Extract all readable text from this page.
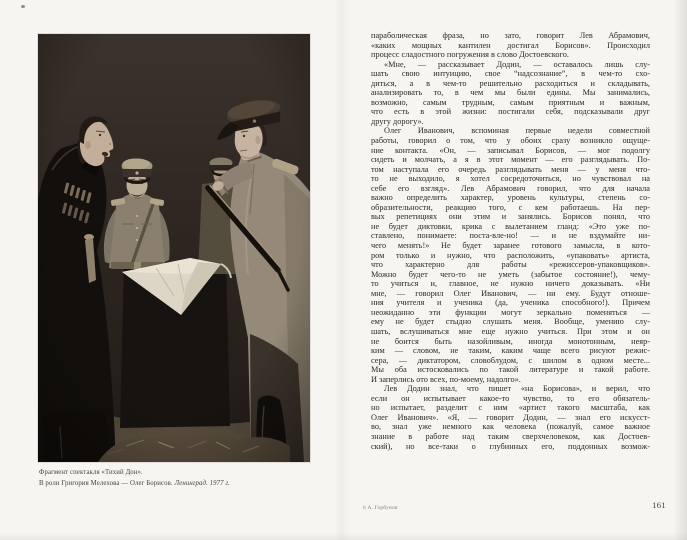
Фрагмент спектакля «Тихий Дон».
В роли Григория Мелехова — Олег Борисов. Ленинград. 1977 г.
параболическая фраза, но зато, говорит Лев Абрамович,
«каких мощных кантилен достигал Борисов». Происходил
процесс сладостного погружения в слово Достоевского.
«Мне, — рассказывает Додин, — оставалось лишь слу-
шать свою интуицию, свое “надсознание”, в чем-то схо-
диться, а в чем-то решительно расходиться и складывать,
анализировать то, в чем мы были едины. Мы занимались,
возможно, самым трудным, самым приятным и важным,
что есть в этой жизни: постигали себя, подсказывали друг
другу дорогу».
Олег Иванович, вспоминая первые недели совместной
работы, говорил о том, что у обоих сразу возникло ощуще-
ние контакта. «Он, — записывал Борисов, — мог подолгу
сидеть и молчать, а я в этот момент — его разглядывать. По-
том наступала его очередь разглядывать меня — у меня что-
то не выходило, я хотел сосредоточиться, но чувствовал на
себе его взгляд». Лев Абрамович говорил, что для начала
важно определить характер, уровень культуры, степень со-
образительности, реакцию того, с кем работаешь. На пер-
вых репетициях они этим и занялись. Борисов понял, что
не будет диктовки, крика с вылетанием гланд: «Это уже по-
ставлено, понимаете: поста-вле-но! — и не вздумайте ни-
чего менять!» Не будет заранее готового замысла, в кото-
ром только и нужно, что расположить, «упаковать» артиста,
что характерно для работы «режиссеров-упаковщиков».
Можно будет чего-то не уметь (забытое состояние!), чему-
то учиться и, главное, не нужно ничего доказывать. «Ни
мне, — говорил Олег Иванович, — ни ему. Будут отноше-
ния учителя и ученика (да, ученика способного!). Причем
неожиданно эти функции могут зеркально поменяться —
ему не будет стыдно слушать меня. Вообще, умению слу-
шать, вслушиваться мне еще нужно учиться. При этом и он
не боится быть назойливым, иногда монотонным, неяр-
ким — словом, не таким, каким чаще всего рисуют режис-
сера, — диктатором, словоблудом, с шилом в одном месте...
Мы оба истосковались по такой литературе и такой работе.
И заперлись ото всех, по-моему, надолго».
Лев Додин знал, что пишет «на Борисова», и верил, что
если он испытывает какое-то чувство, то его обязатель-
но испытает, разделит с ним «артист такого масштаба, как
Олег Иванович». «Я, — говорит Додин, — знал его искусст-
во, знал уже немного как человека (пожалуй, самое важное
знание в работе над таким сверхчеловеком, как Достоев-
ский), но все-таки о глубинных его, поддонных возмож-
6 А. Горбунов	161
